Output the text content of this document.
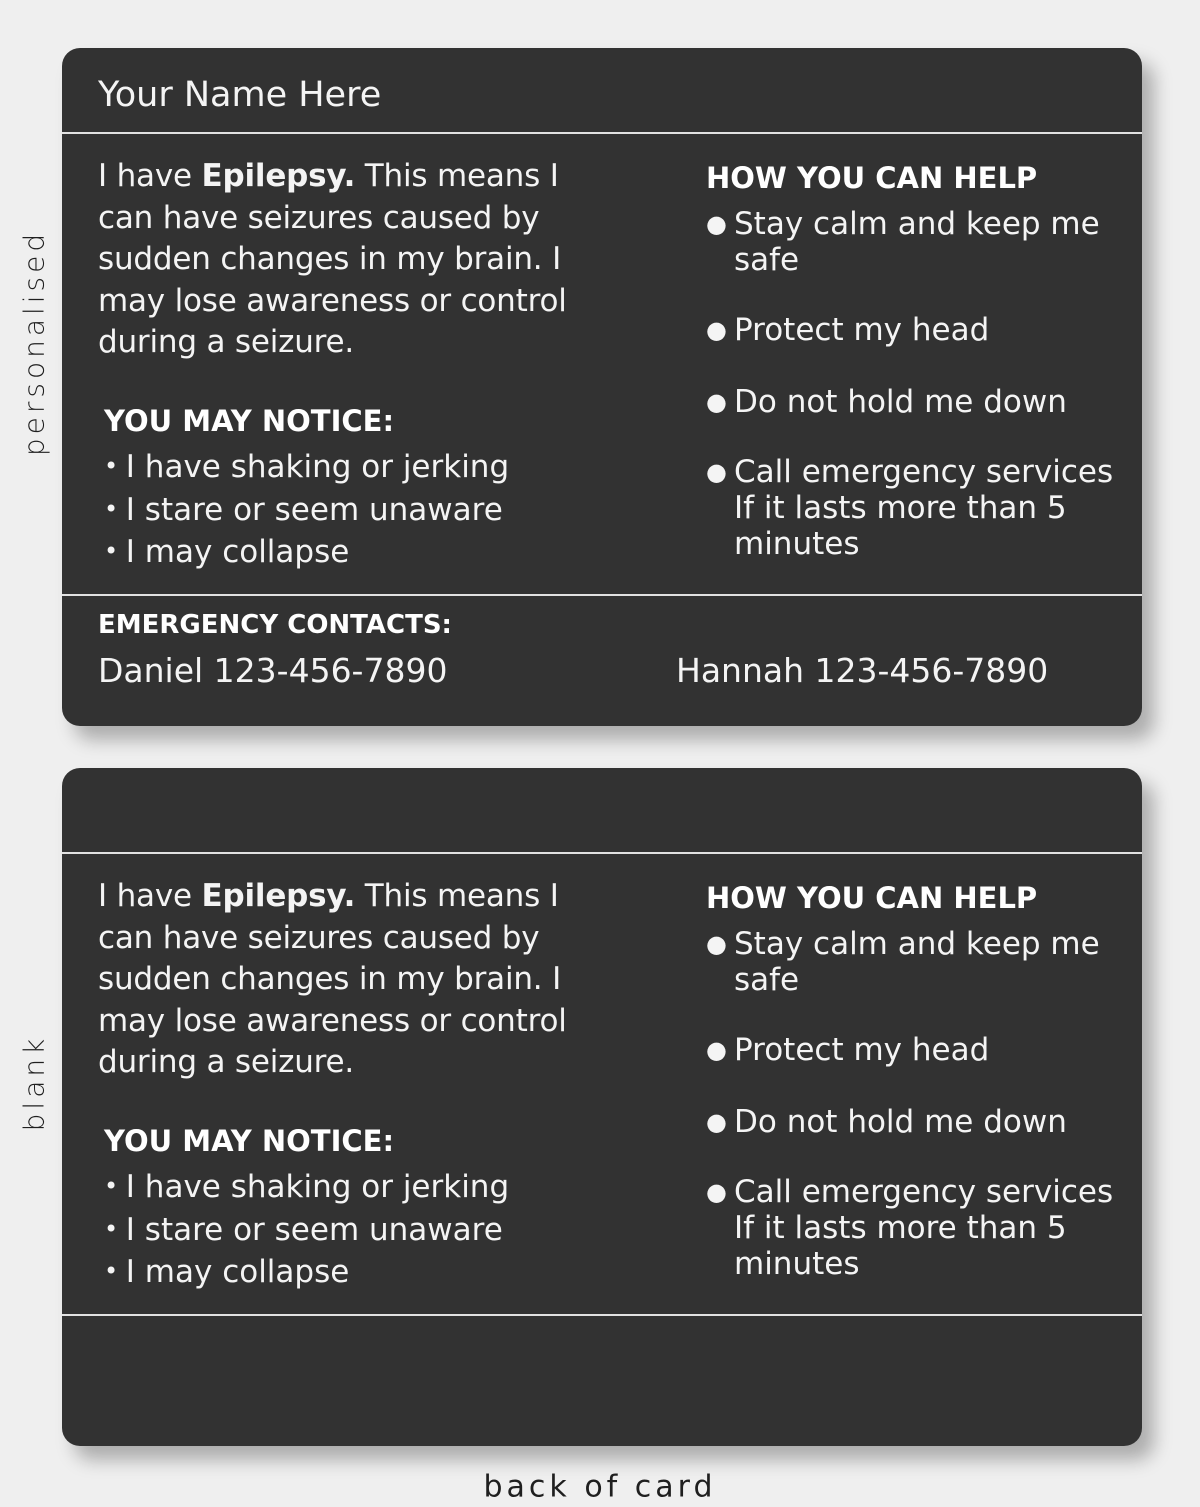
personalised
blank
Your Name Here
I have Epilepsy. This means I can have seizures caused by sudden changes in my brain. I may lose awareness or control during a seizure.
YOU MAY NOTICE:
• I have shaking or jerking
• I stare or seem unaware
• I may collapse
HOW YOU CAN HELP
● Stay calm and keep me safe
● Protect my head
● Do not hold me down
● Call emergency services If it lasts more than 5 minutes
EMERGENCY CONTACTS:
Daniel 123-456-7890	Hannah 123-456-7890
I have Epilepsy. This means I can have seizures caused by sudden changes in my brain. I may lose awareness or control during a seizure.
YOU MAY NOTICE:
• I have shaking or jerking
• I stare or seem unaware
• I may collapse
HOW YOU CAN HELP
● Stay calm and keep me safe
● Protect my head
● Do not hold me down
● Call emergency services If it lasts more than 5 minutes
back of card
